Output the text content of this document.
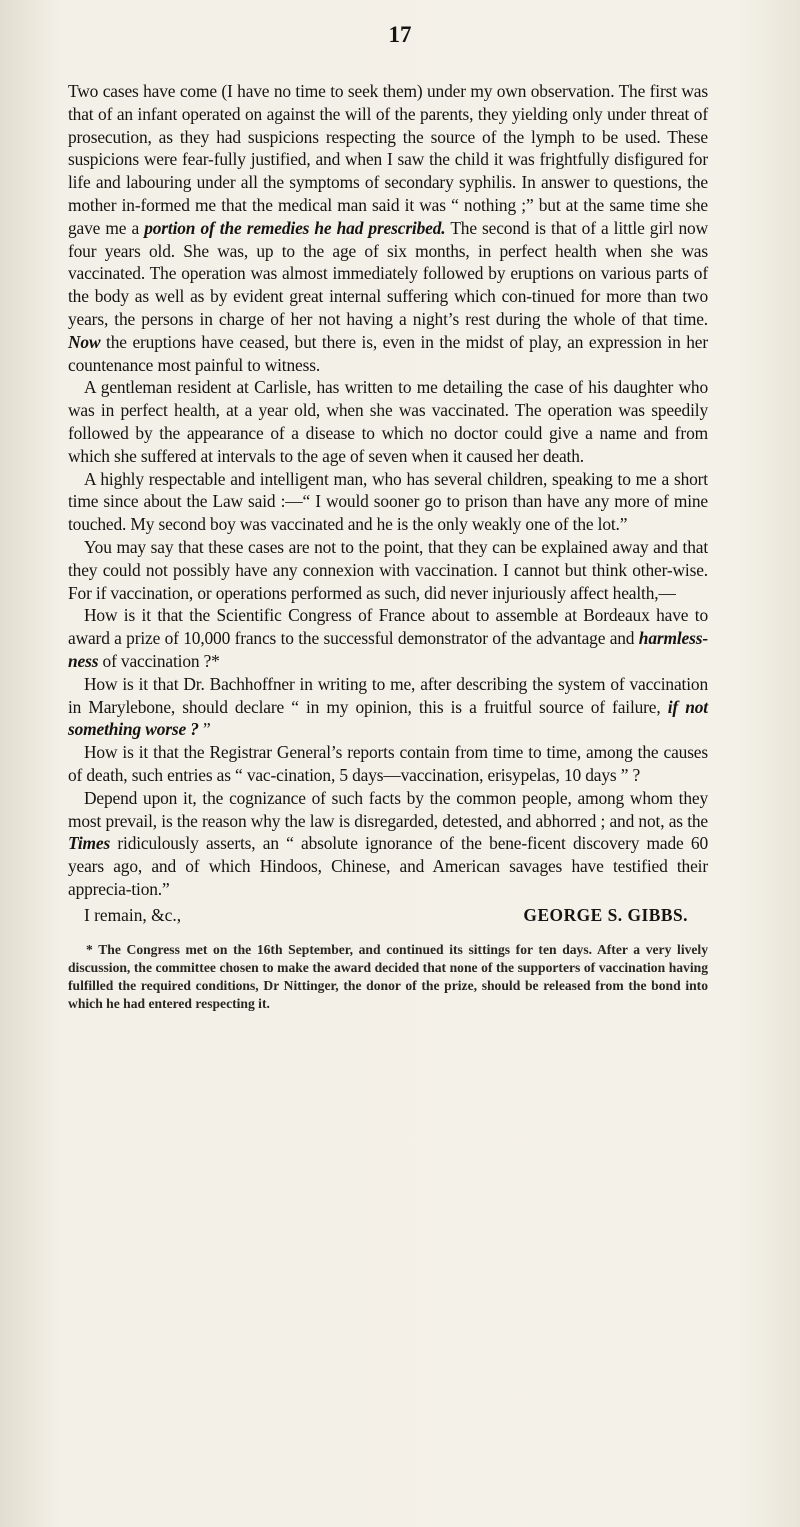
17

Two cases have come (I have no time to seek them) under my own observation. The first was that of an infant operated on against the will of the parents, they yielding only under threat of prosecution, as they had suspicions respecting the source of the lymph to be used. These suspicions were fear-fully justified, and when I saw the child it was frightfully disfigured for life and labouring under all the symptoms of secondary syphilis. In answer to questions, the mother in-formed me that the medical man said it was “ nothing ;” but at the same time she gave me a portion of the remedies he had prescribed. The second is that of a little girl now four years old. She was, up to the age of six months, in perfect health when she was vaccinated. The operation was almost immediately followed by eruptions on various parts of the body as well as by evident great internal suffering which con-tinued for more than two years, the persons in charge of her not having a night’s rest during the whole of that time. Now the eruptions have ceased, but there is, even in the midst of play, an expression in her countenance most painful to witness.

A gentleman resident at Carlisle, has written to me detailing the case of his daughter who was in perfect health, at a year old, when she was vaccinated. The operation was speedily followed by the appearance of a disease to which no doctor could give a name and from which she suffered at intervals to the age of seven when it caused her death.

A highly respectable and intelligent man, who has several children, speaking to me a short time since about the Law said :—“ I would sooner go to prison than have any more of mine touched. My second boy was vaccinated and he is the only weakly one of the lot.”

You may say that these cases are not to the point, that they can be explained away and that they could not possibly have any connexion with vaccination. I cannot but think other-wise. For if vaccination, or operations performed as such, did never injuriously affect health,—

How is it that the Scientific Congress of France about to assemble at Bordeaux have to award a prize of 10,000 francs to the successful demonstrator of the advantage and harmless-ness of vaccination ?*

How is it that Dr. Bachhoffner in writing to me, after describing the system of vaccination in Marylebone, should declare “ in my opinion, this is a fruitful source of failure, if not something worse ? ”

How is it that the Registrar General’s reports contain from time to time, among the causes of death, such entries as “ vac-cination, 5 days—vaccination, erisypelas, 10 days ” ?

Depend upon it, the cognizance of such facts by the common people, among whom they most prevail, is the reason why the law is disregarded, detested, and abhorred ; and not, as the Times ridiculously asserts, an “ absolute ignorance of the bene-ficent discovery made 60 years ago, and of which Hindoos, Chinese, and American savages have testified their apprecia-tion.”

I remain, &c.,	GEORGE S. GIBBS.

* The Congress met on the 16th September, and continued its sittings for ten days. After a very lively discussion, the committee chosen to make the award decided that none of the supporters of vaccination having fulfilled the required conditions, Dr Nittinger, the donor of the prize, should be released from the bond into which he had entered respecting it.
